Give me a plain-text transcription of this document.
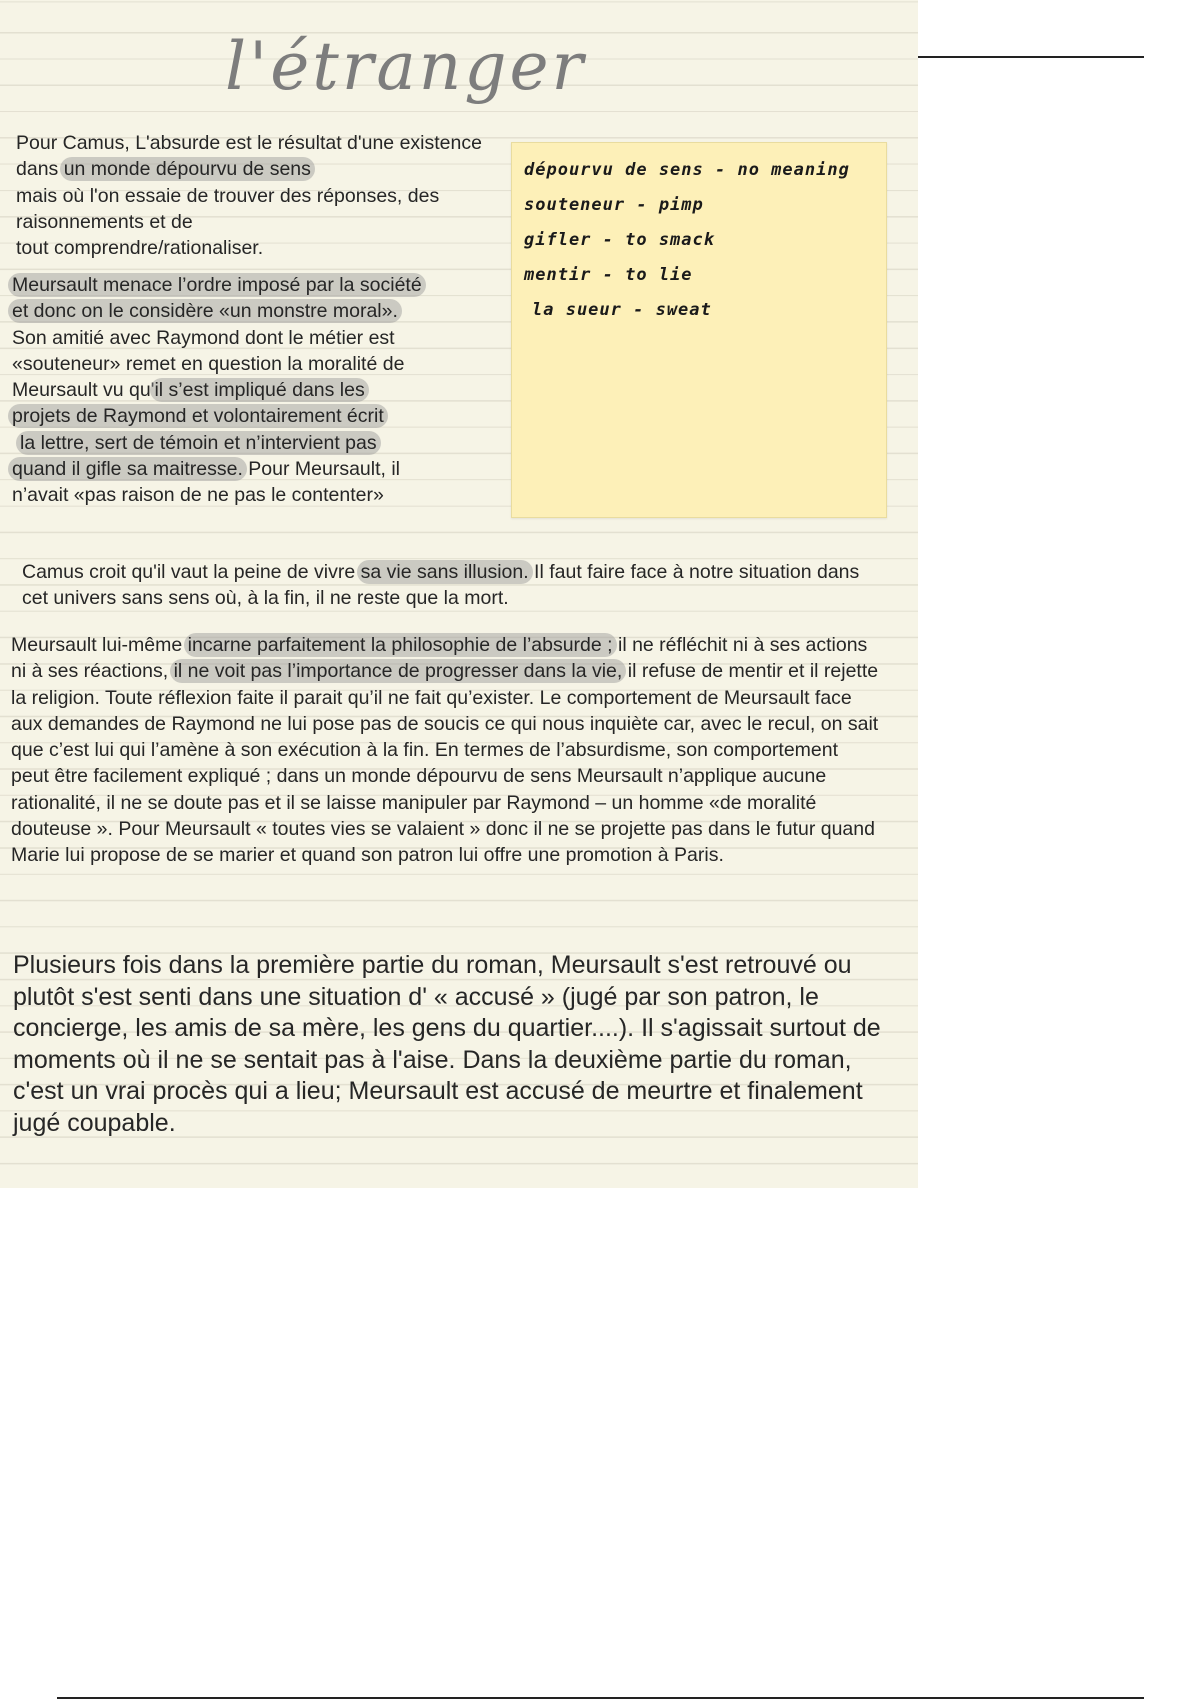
l'étranger

Pour Camus, L'absurde est le résultat d'une existence dans un monde dépourvu de sens
mais où l'on essaie de trouver des réponses, des
raisonnements et de
tout comprendre/rationaliser.

Meursault menace l’ordre imposé par la société
et donc on le considère «un monstre moral».
Son amitié avec Raymond dont le métier est
«souteneur» remet en question la moralité de
Meursault vu qu'il s’est impliqué dans les
projets de Raymond et volontairement écrit
la lettre, sert de témoin et n’intervient pas
quand il gifle sa maitresse. Pour Meursault, il
n’avait «pas raison de ne pas le contenter»

dépourvu de sens - no meaning
souteneur - pimp
gifler - to smack
mentir - to lie
la sueur - sweat

Camus croit qu'il vaut la peine de vivre sa vie sans illusion. Il faut faire face à notre situation dans cet univers sans sens où, à la fin, il ne reste que la mort.

Meursault lui-même incarne parfaitement la philosophie de l’absurde ; il ne réfléchit ni à ses actions ni à ses réactions, il ne voit pas l’importance de progresser dans la vie, il refuse de mentir et il rejette la religion. Toute réflexion faite il parait qu’il ne fait qu’exister. Le comportement de Meursault face aux demandes de Raymond ne lui pose pas de soucis ce qui nous inquiète car, avec le recul, on sait que c’est lui qui l’amène à son exécution à la fin. En termes de l’absurdisme, son comportement peut être facilement expliqué ; dans un monde dépourvu de sens Meursault n’applique aucune rationalité, il ne se doute pas et il se laisse manipuler par Raymond – un homme «de moralité douteuse ». Pour Meursault « toutes vies se valaient » donc il ne se projette pas dans le futur quand Marie lui propose de se marier et quand son patron lui offre une promotion à Paris.

Plusieurs fois dans la première partie du roman, Meursault s'est retrouvé ou plutôt s'est senti dans une situation d' « accusé » (jugé par son patron, le concierge, les amis de sa mère, les gens du quartier....). Il s'agissait surtout de moments où il ne se sentait pas à l'aise. Dans la deuxième partie du roman, c'est un vrai procès qui a lieu; Meursault est accusé de meurtre et finalement jugé coupable.
